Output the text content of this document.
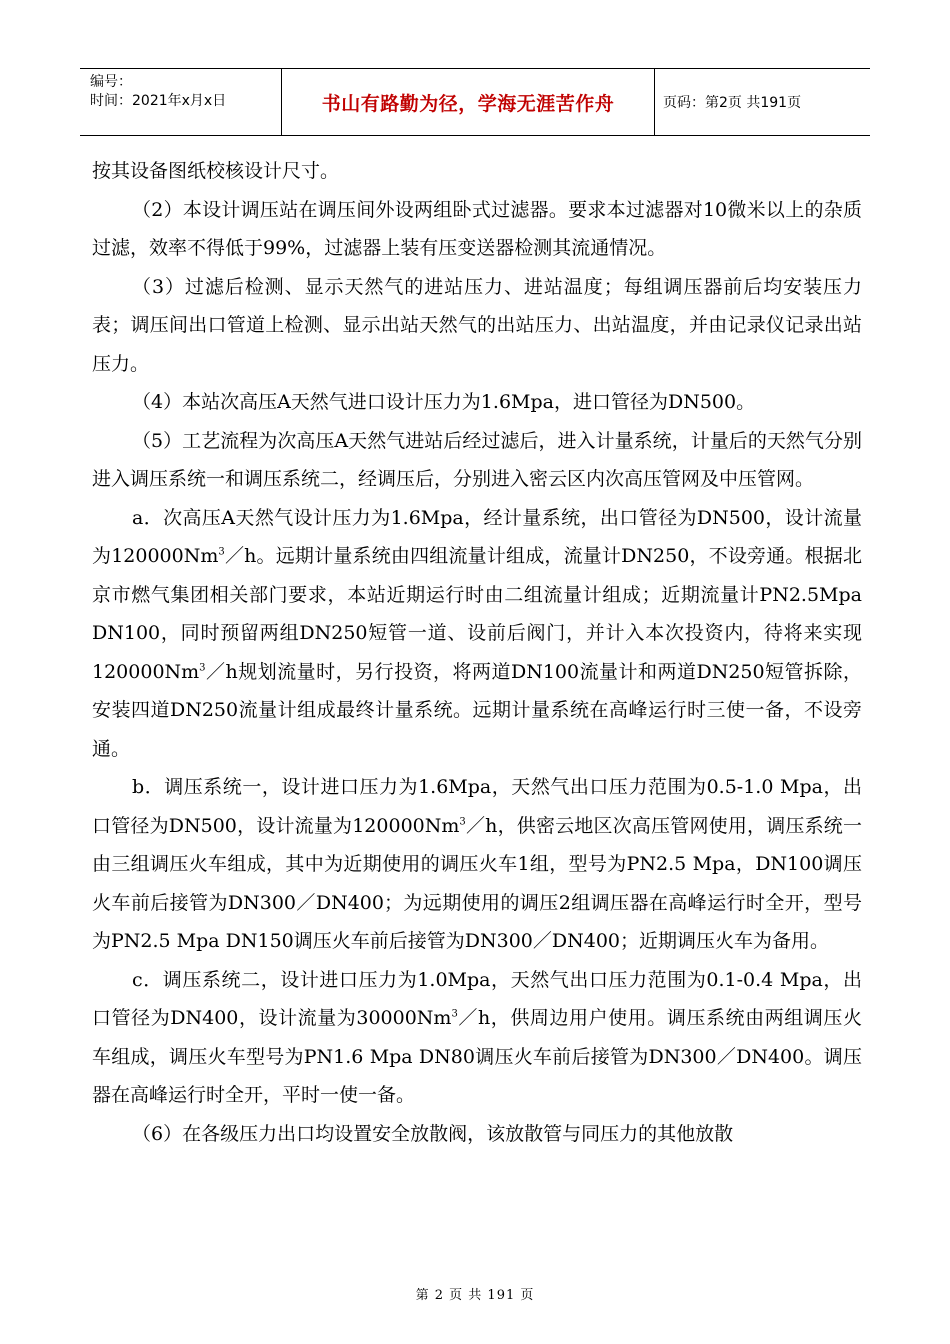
编号：
时间：2021年x月x日	书山有路勤为径，学海无涯苦作舟	页码：第2页 共191页

按其设备图纸校核设计尺寸。

（2）本设计调压站在调压间外设两组卧式过滤器。要求本过滤器对10微米以上的杂质过滤，效率不得低于99%，过滤器上装有压变送器检测其流通情况。

（3）过滤后检测、显示天然气的进站压力、进站温度；每组调压器前后均安装压力表；调压间出口管道上检测、显示出站天然气的出站压力、出站温度，并由记录仪记录出站压力。

（4）本站次高压A天然气进口设计压力为1.6Mpa，进口管径为DN500。

（5）工艺流程为次高压A天然气进站后经过滤后，进入计量系统，计量后的天然气分别进入调压系统一和调压系统二，经调压后，分别进入密云区内次高压管网及中压管网。

a．次高压A天然气设计压力为1.6Mpa，经计量系统，出口管径为DN500，设计流量为120000Nm$^3$／h。远期计量系统由四组流量计组成，流量计DN250，不设旁通。根据北京市燃气集团相关部门要求，本站近期运行时由二组流量计组成；近期流量计PN2.5Mpa DN100，同时预留两组DN250短管一道、设前后阀门，并计入本次投资内，待将来实现120000Nm$^3$／h规划流量时，另行投资，将两道DN100流量计和两道DN250短管拆除，安装四道DN250流量计组成最终计量系统。远期计量系统在高峰运行时三使一备，不设旁通。

b．调压系统一，设计进口压力为1.6Mpa，天然气出口压力范围为0.5-1.0 Mpa，出口管径为DN500，设计流量为120000Nm$^3$／h，供密云地区次高压管网使用，调压系统一由三组调压火车组成，其中为近期使用的调压火车1组，型号为PN2.5 Mpa，DN100调压火车前后接管为DN300／DN400；为远期使用的调压2组调压器在高峰运行时全开，型号为PN2.5 Mpa DN150调压火车前后接管为DN300／DN400；近期调压火车为备用。

c．调压系统二，设计进口压力为1.0Mpa，天然气出口压力范围为0.1-0.4 Mpa，出口管径为DN400，设计流量为30000Nm$^3$／h，供周边用户使用。调压系统由两组调压火车组成，调压火车型号为PN1.6 Mpa DN80调压火车前后接管为DN300／DN400。调压器在高峰运行时全开，平时一使一备。

（6）在各级压力出口均设置安全放散阀，该放散管与同压力的其他放散

第 2 页 共 191 页
